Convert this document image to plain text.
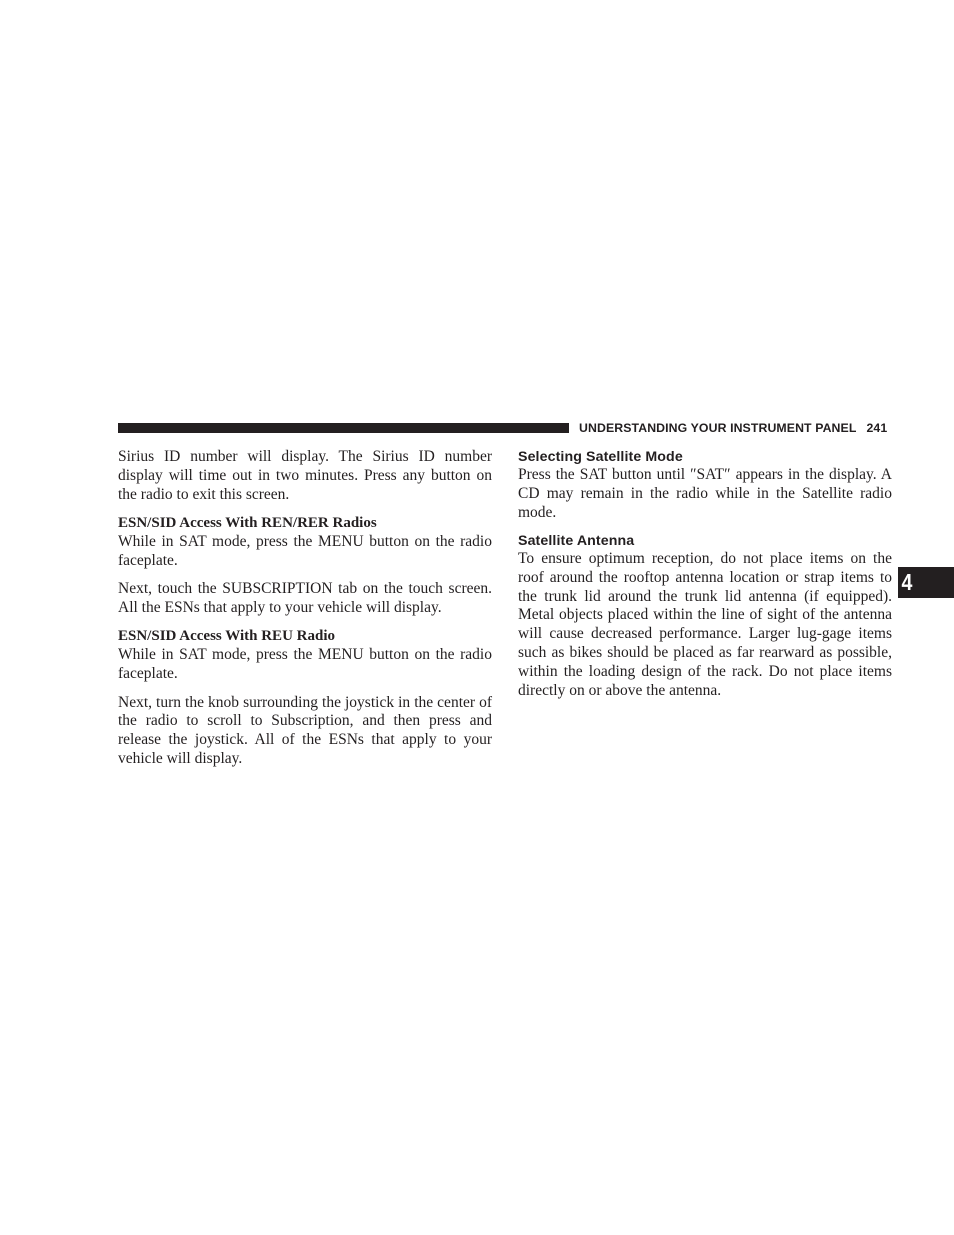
UNDERSTANDING YOUR INSTRUMENT PANEL 241
4

Sirius ID number will display. The Sirius ID number display will time out in two minutes. Press any button on the radio to exit this screen.

ESN/SID Access With REN/RER Radios

While in SAT mode, press the MENU button on the radio faceplate.

Next, touch the SUBSCRIPTION tab on the touch screen. All the ESNs that apply to your vehicle will display.

ESN/SID Access With REU Radio

While in SAT mode, press the MENU button on the radio faceplate.

Next, turn the knob surrounding the joystick in the center of the radio to scroll to Subscription, and then press and release the joystick. All of the ESNs that apply to your vehicle will display.

Selecting Satellite Mode

Press the SAT button until ″SAT″ appears in the display. A CD may remain in the radio while in the Satellite radio mode.

Satellite Antenna

To ensure optimum reception, do not place items on the roof around the rooftop antenna location or strap items to the trunk lid around the trunk lid antenna (if equipped). Metal objects placed within the line of sight of the antenna will cause decreased performance. Larger lug-gage items such as bikes should be placed as far rearward as possible, within the loading design of the rack. Do not place items directly on or above the antenna.
